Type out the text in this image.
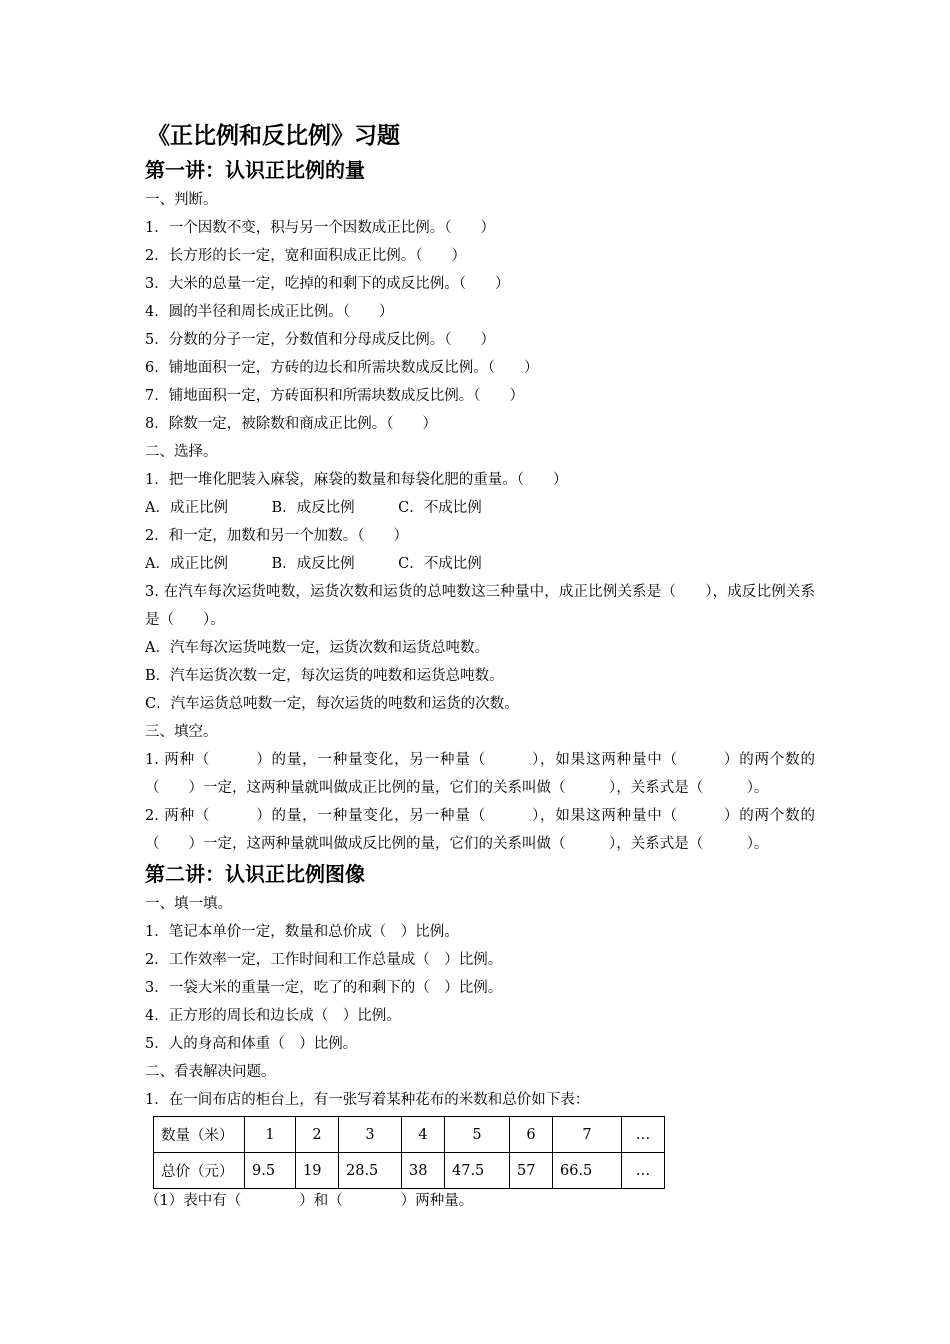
《正比例和反比例》习题

第一讲：认识正比例的量

一、判断。

1．一个因数不变，积与另一个因数成正比例。（　　）

2．长方形的长一定，宽和面积成正比例。（　　）

3．大米的总量一定，吃掉的和剩下的成反比例。（　　）

4．圆的半径和周长成正比例。（　　）

5．分数的分子一定，分数值和分母成反比例。（　　）

6．铺地面积一定，方砖的边长和所需块数成反比例。（　　）

7．铺地面积一定，方砖面积和所需块数成反比例。（　　）

8．除数一定，被除数和商成正比例。（　　）

二、选择。

1．把一堆化肥装入麻袋，麻袋的数量和每袋化肥的重量。（　　）

A．成正比例　　　B．成反比例　　　C．不成比例

2．和一定，加数和另一个加数。（　　）

A．成正比例　　　B．成反比例　　　C．不成比例

3. 在汽车每次运货吨数，运货次数和运货的总吨数这三种量中，成正比例关系是（　　），成反比例关系是（　　）。

A．汽车每次运货吨数一定，运货次数和运货总吨数。

B．汽车运货次数一定，每次运货的吨数和运货总吨数。

C．汽车运货总吨数一定，每次运货的吨数和运货的次数。

三、填空。

1. 两种（　　　）的量，一种量变化，另一种量（　　　），如果这两种量中（　　　）的两个数的（　　）一定，这两种量就叫做成正比例的量，它们的关系叫做（　　　），关系式是（　　　）。

2. 两种（　　　）的量，一种量变化，另一种量（　　　），如果这两种量中（　　　）的两个数的（　　）一定，这两种量就叫做成反比例的量，它们的关系叫做（　　　），关系式是（　　　）。

第二讲：认识正比例图像

一、填一填。

1．笔记本单价一定，数量和总价成（　）比例。

2．工作效率一定，工作时间和工作总量成（　）比例。

3．一袋大米的重量一定，吃了的和剩下的（　）比例。

4．正方形的周长和边长成（　）比例。

5．人的身高和体重（　）比例。

二、看表解决问题。

1．在一间布店的柜台上，有一张写着某种花布的米数和总价如下表：

数量（米）	1	2	3	4	5	6	7	…
总价（元）	9.5	19	28.5	38	47.5	57	66.5	…

（1）表中有（　　　　）和（　　　　）两种量。
